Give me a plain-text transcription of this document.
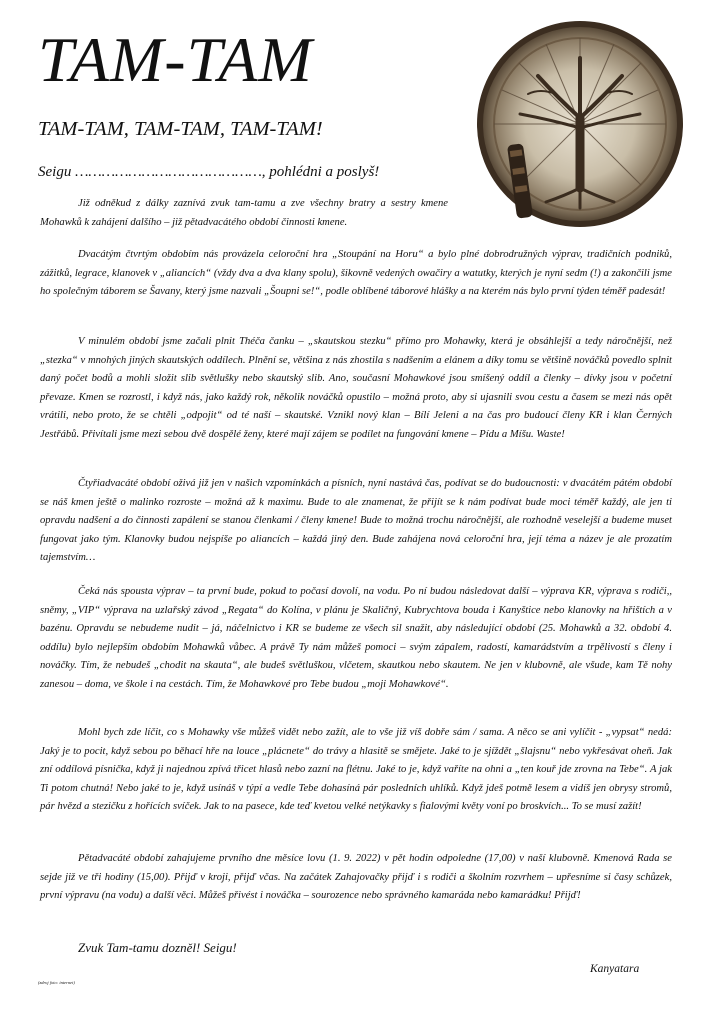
TAM-TAM
TAM-TAM, TAM-TAM, TAM-TAM!
Seigu ……………………………………, pohlédni a poslyš!

Již odněkud z dálky zaznívá zvuk tam-tamu a zve všechny bratry a sestry kmene Mohawků k zahájení dalšího – již pětadvacátého období činnosti kmene.

Dvacátým čtvrtým obdobím nás provázela celoroční hra „Stoupání na Horu“ a bylo plné dobrodružných výprav, tradičních podniků, zážitků, legrace, klanovek v „aliancích“ (vždy dva a dva klany spolu), šikovně vedených owačiry a watutky, kterých je nyní sedm (!) a zakončili jsme ho společným táborem se Šavany, který jsme nazvali „Šoupni se!“, podle oblíbené táborové hlášky a na kterém nás bylo první týden téměř padesát!

V minulém období jsme začali plnit Théča čanku – „skautskou stezku“ přímo pro Mohawky, která je obsáhlejší a tedy náročnější, než „stezka“ v mnohých jiných skautských oddílech. Plnění se, většina z nás zhostila s nadšením a elánem a díky tomu se většině nováčků povedlo splnit daný počet bodů a mohli složit slib světlušky nebo skautský slib. Ano, současní Mohawkové jsou smíšený oddíl a členky – dívky jsou v početní převaze. Kmen se rozrostl, i když nás, jako každý rok, několik nováčků opustilo – možná proto, aby si ujasnili svou cestu a časem se mezi nás opět vrátili, nebo proto, že se chtěli „odpojit“ od té naší – skautské. Vznikl nový klan – Bílí Jeleni a na čas pro budoucí členy KR i klan Černých Jestřábů. Přivítali jsme mezi sebou dvě dospělé ženy, které mají zájem se podílet na fungování kmene – Pídu a Míšu. Waste!

Čtyřiadvacáté období oživá již jen v našich vzpomínkách a písních, nyní nastává čas, podívat se do budoucnosti: v dvacátém pátém období se náš kmen ještě o malinko rozroste – možná až k maximu. Bude to ale znamenat, že přijít se k nám podívat bude moci téměř každý, ale jen ti opravdu nadšení a do činnosti zapálení se stanou členkami / členy kmene! Bude to možná trochu náročnější, ale rozhodně veselejší a budeme muset fungovat jako tým. Klanovky budou nejspíše po aliancích – každá jiný den. Bude zahájena nová celoroční hra, její téma a název je ale prozatím tajemstvím…

Čeká nás spousta výprav – ta první bude, pokud to počasí dovolí, na vodu. Po ní budou následovat další – výprava KR, výprava s rodiči,, sněmy, „VIP“ výprava na uzlařský závod „Regata“ do Kolína, v plánu je Skaličný, Kubrychtova bouda i Kanyštice nebo klanovky na hřištích a v bazénu. Opravdu se nebudeme nudit – já, náčelnictvo i KR se budeme ze všech sil snažit, aby následující období (25. Mohawků a 32. období 4. oddílu) bylo nejlepším obdobím Mohawků vůbec. A právě Ty nám můžeš pomoci – svým zápalem, radostí, kamarádstvím a trpělivostí s členy i nováčky. Tím, že nebudeš „chodit na skauta“, ale budeš světluškou, vlčetem, skautkou nebo skautem. Ne jen v klubovně, ale všude, kam Tě nohy zanesou – doma, ve škole i na cestách. Tím, že Mohawkové pro Tebe budou „moji Mohawkové“.

Mohl bych zde líčit, co s Mohawky vše můžeš vidět nebo zažít, ale to vše již víš dobře sám / sama. A něco se ani vylíčit - „vypsat“ nedá: Jaký je to pocit, když sebou po běhací hře na louce „plácnete“ do trávy a hlasitě se smějete. Jaké to je sjíždět „šlajsnu“ nebo vykřesávat oheň. Jak zní oddílová písnička, když ji najednou zpívá třicet hlasů nebo zazní na flétnu. Jaké to je, když vaříte na ohni a „ten kouř jde zrovna na Tebe“. A jak Ti potom chutná! Nebo jaké to je, když usínáš v týpí a vedle Tebe dohasíná pár posledních uhlíků. Když jdeš potmě lesem a vidíš jen obrysy stromů, pár hvězd a stezičku z hořících svíček. Jak to na pasece, kde teď kvetou velké netýkavky s fialovými květy voní po broskvích... To se musí zažít!

Pětadvacáté období zahajujeme prvního dne měsíce lovu (1. 9. 2022) v pět hodin odpoledne (17,00) v naší klubovně. Kmenová Rada se sejde již ve tři hodiny (15,00). Přijď v kroji, přijď včas. Na začátek Zahajovačky přijď i s rodiči a školním rozvrhem – upřesníme si časy schůzek, první výpravu (na vodu) a další věci. Můžeš přivést i nováčka – sourozence nebo správného kamaráda nebo kamarádku! Přijď!

Zvuk Tam-tamu dozněl! Seigu!
Kanyatara
(zdroj foto: internet)
